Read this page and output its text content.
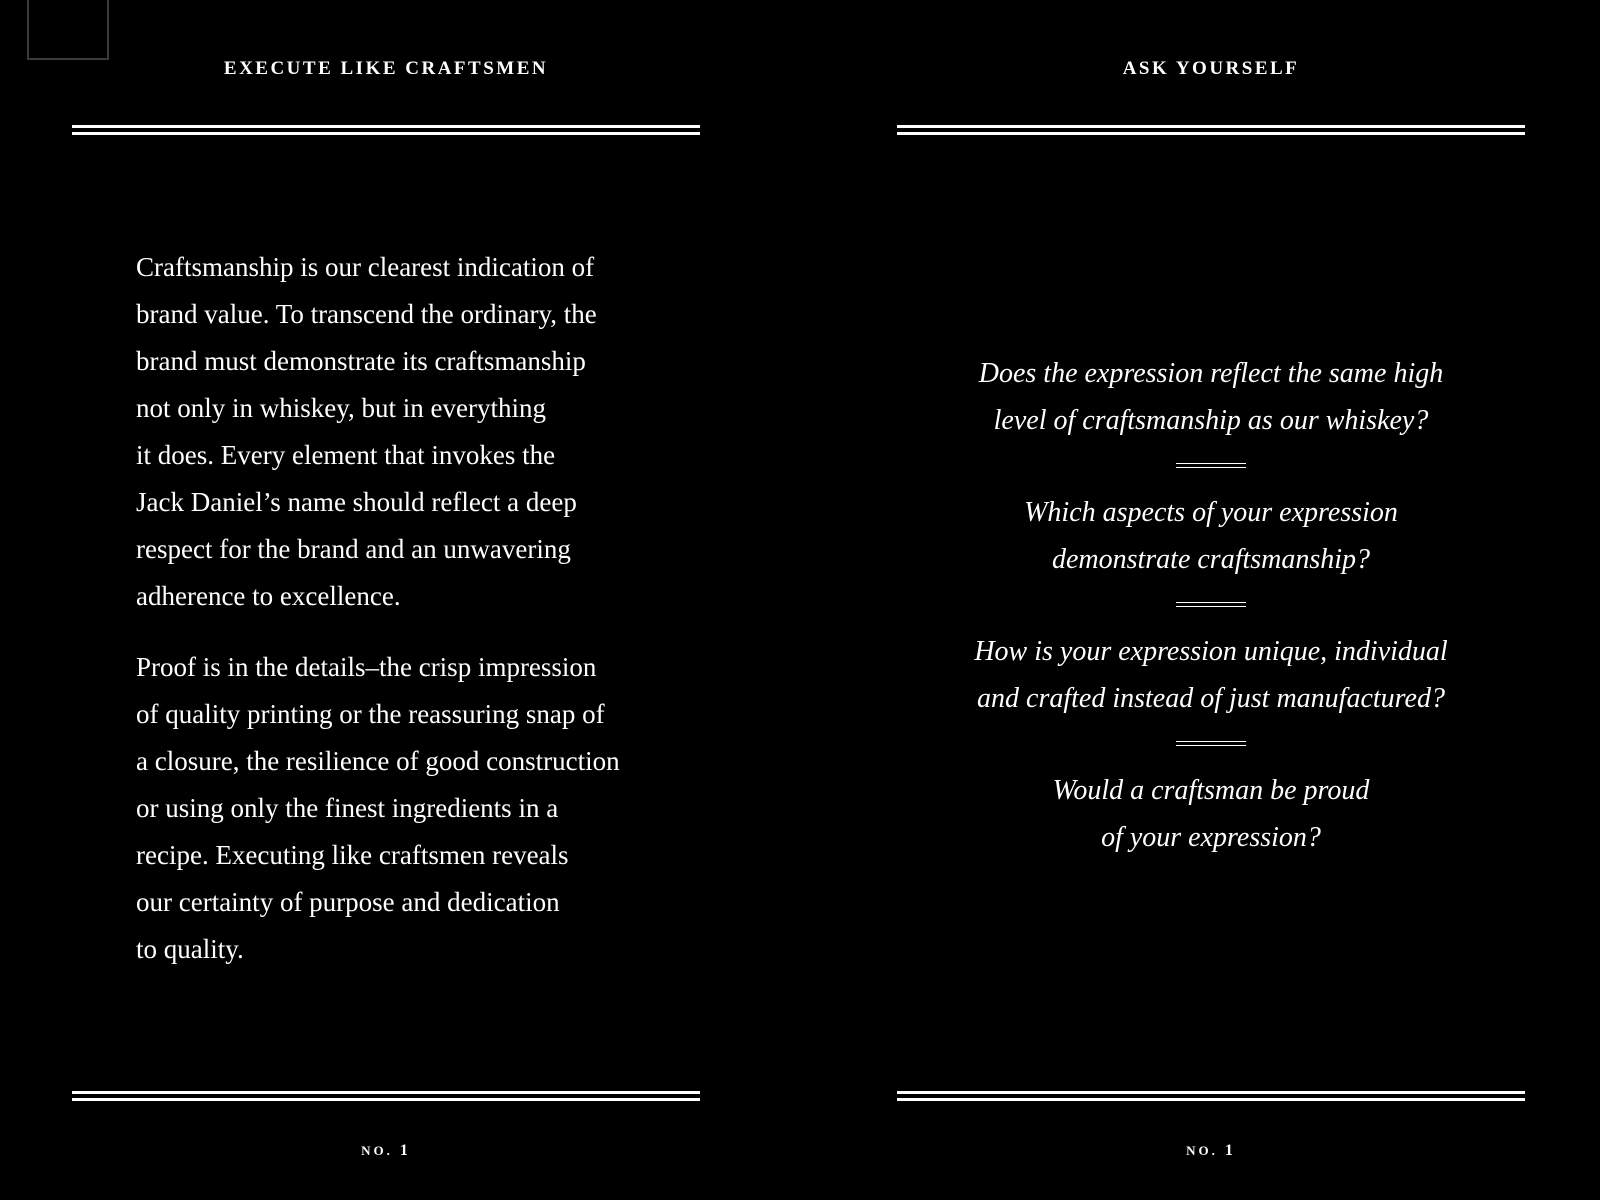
EXECUTE LIKE CRAFTSMEN

Craftsmanship is our clearest indication of
brand value. To transcend the ordinary, the
brand must demonstrate its craftsmanship
not only in whiskey, but in everything
it does. Every element that invokes the
Jack Daniel’s name should reflect a deep
respect for the brand and an unwavering
adherence to excellence.

Proof is in the details–the crisp impression
of quality printing or the reassuring snap of
a closure, the resilience of good construction
or using only the finest ingredients in a
recipe. Executing like craftsmen reveals
our certainty of purpose and dedication
to quality.

NO. 1
ASK YOURSELF

Does the expression reflect the same high
level of craftsmanship as our whiskey?

Which aspects of your expression
demonstrate craftsmanship?

How is your expression unique, individual
and crafted instead of just manufactured?

Would a craftsman be proud
of your expression?

NO. 1
